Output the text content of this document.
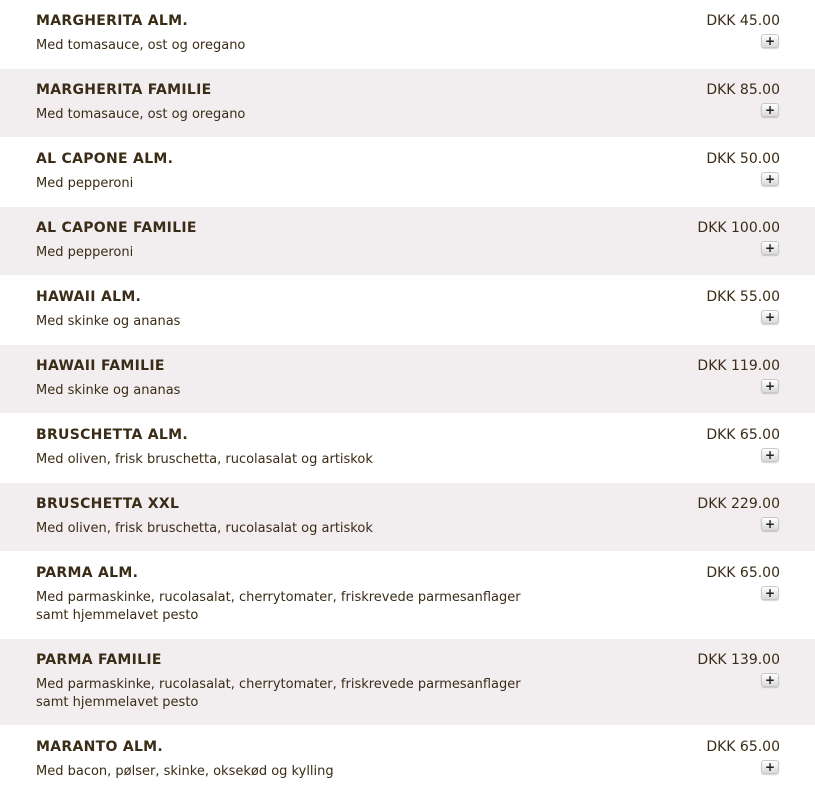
MARGHERITA ALM.
Med tomasauce, ost og oregano
DKK 45.00
+
MARGHERITA FAMILIE
Med tomasauce, ost og oregano
DKK 85.00
+
AL CAPONE ALM.
Med pepperoni
DKK 50.00
+
AL CAPONE FAMILIE
Med pepperoni
DKK 100.00
+
HAWAII ALM.
Med skinke og ananas
DKK 55.00
+
HAWAII FAMILIE
Med skinke og ananas
DKK 119.00
+
BRUSCHETTA ALM.
Med oliven, frisk bruschetta, rucolasalat og artiskok
DKK 65.00
+
BRUSCHETTA XXL
Med oliven, frisk bruschetta, rucolasalat og artiskok
DKK 229.00
+
PARMA ALM.
Med parmaskinke, rucolasalat, cherrytomater, friskrevede parmesanflager samt hjemmelavet pesto
DKK 65.00
+
PARMA FAMILIE
Med parmaskinke, rucolasalat, cherrytomater, friskrevede parmesanflager samt hjemmelavet pesto
DKK 139.00
+
MARANTO ALM.
Med bacon, pølser, skinke, oksekød og kylling
DKK 65.00
+
